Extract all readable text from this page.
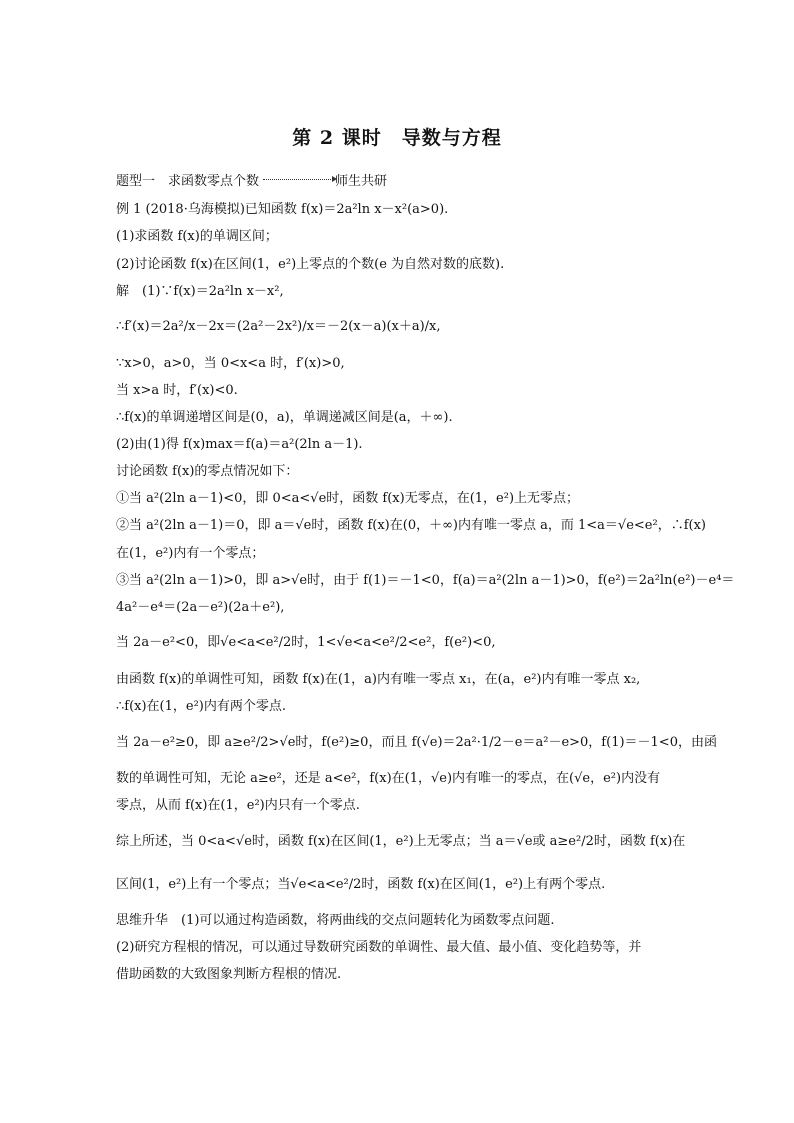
第 2 课时　导数与方程
题型一　求函数零点个数	师生共研
例 1 (2018·乌海模拟)已知函数 f(x)＝2a²ln x－x²(a>0).
(1)求函数 f(x)的单调区间；
(2)讨论函数 f(x)在区间(1，e²)上零点的个数(e 为自然对数的底数).
解　(1)∵f(x)＝2a²ln x－x²,
∴f′(x)＝2a²/x－2x＝(2a²－2x²)/x＝－2(x－a)(x＋a)/x,
∵x>0，a>0，当 0<x<a 时，f′(x)>0,
当 x>a 时，f′(x)<0.
∴f(x)的单调递增区间是(0，a)，单调递减区间是(a，＋∞).
(2)由(1)得 f(x)max＝f(a)＝a²(2ln a－1).
讨论函数 f(x)的零点情况如下：
①当 a²(2ln a－1)<0，即 0<a<√e时，函数 f(x)无零点，在(1，e²)上无零点；
②当 a²(2ln a－1)＝0，即 a＝√e时，函数 f(x)在(0，＋∞)内有唯一零点 a，而 1<a＝√e<e²，∴f(x)
在(1，e²)内有一个零点；
③当 a²(2ln a－1)>0，即 a>√e时，由于 f(1)＝－1<0，f(a)＝a²(2ln a－1)>0，f(e²)＝2a²ln(e²)－e⁴＝
4a²－e⁴＝(2a－e²)(2a＋e²),
当 2a－e²<0，即√e<a<e²/2时，1<√e<a<e²/2<e²，f(e²)<0,
由函数 f(x)的单调性可知，函数 f(x)在(1，a)内有唯一零点 x₁，在(a，e²)内有唯一零点 x₂,
∴f(x)在(1，e²)内有两个零点.
当 2a－e²≥0，即 a≥e²/2>√e时，f(e²)≥0，而且 f(√e)＝2a²·1/2－e＝a²－e>0，f(1)＝－1<0，由函
数的单调性可知，无论 a≥e²，还是 a<e²，f(x)在(1，√e)内有唯一的零点，在(√e，e²)内没有
零点，从而 f(x)在(1，e²)内只有一个零点.
综上所述，当 0<a<√e时，函数 f(x)在区间(1，e²)上无零点；当 a＝√e或 a≥e²/2时，函数 f(x)在
区间(1，e²)上有一个零点；当√e<a<e²/2时，函数 f(x)在区间(1，e²)上有两个零点.
思维升华　(1)可以通过构造函数，将两曲线的交点问题转化为函数零点问题.
(2)研究方程根的情况，可以通过导数研究函数的单调性、最大值、最小值、变化趋势等，并
借助函数的大致图象判断方程根的情况.
